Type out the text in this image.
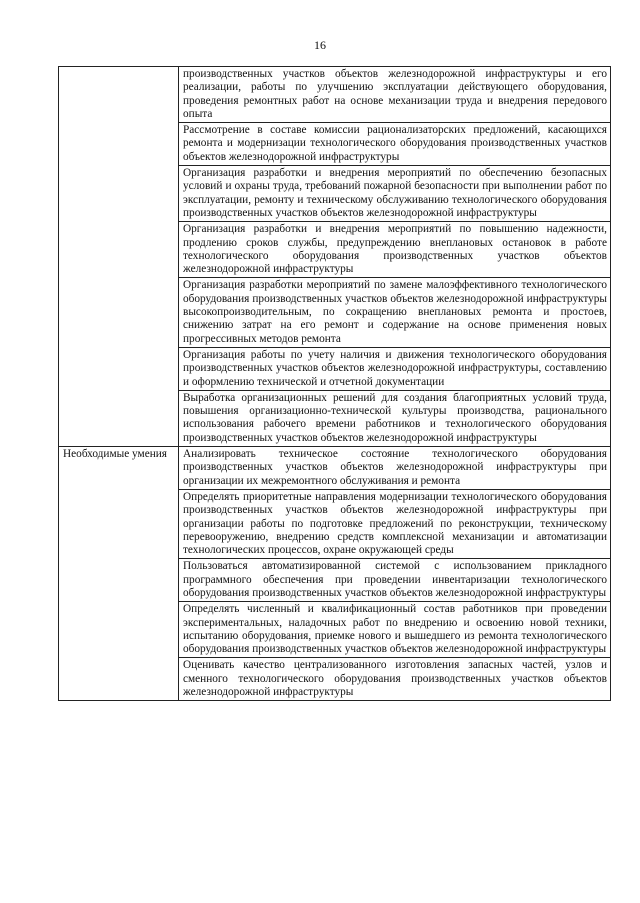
16
	производственных участков объектов железнодорожной инфраструктуры и его реализации, работы по улучшению эксплуатации действующего оборудования, проведения ремонтных работ на основе механизации труда и внедрения передового опыта
	Рассмотрение в составе комиссии рационализаторских предложений, касающихся ремонта и модернизации технологического оборудования производственных участков объектов железнодорожной инфраструктуры
	Организация разработки и внедрения мероприятий по обеспечению безопасных условий и охраны труда, требований пожарной безопасности при выполнении работ по эксплуатации, ремонту и техническому обслуживанию технологического оборудования производственных участков объектов железнодорожной инфраструктуры
	Организация разработки и внедрения мероприятий по повышению надежности, продлению сроков службы, предупреждению внеплановых остановок в работе технологического оборудования производственных участков объектов железнодорожной инфраструктуры
	Организация разработки мероприятий по замене малоэффективного технологического оборудования производственных участков объектов железнодорожной инфраструктуры высокопроизводительным, по сокращению внеплановых ремонта и простоев, снижению затрат на его ремонт и содержание на основе применения новых прогрессивных методов ремонта
	Организация работы по учету наличия и движения технологического оборудования производственных участков объектов железнодорожной инфраструктуры, составлению и оформлению технической и отчетной документации
	Выработка организационных решений для создания благоприятных условий труда, повышения организационно-технической культуры производства, рационального использования рабочего времени работников и технологического оборудования производственных участков объектов железнодорожной инфраструктуры
Необходимые умения	Анализировать техническое состояние технологического оборудования производственных участков объектов железнодорожной инфраструктуры при организации их межремонтного обслуживания и ремонта
	Определять приоритетные направления модернизации технологического оборудования производственных участков объектов железнодорожной инфраструктуры при организации работы по подготовке предложений по реконструкции, техническому перевооружению, внедрению средств комплексной механизации и автоматизации технологических процессов, охране окружающей среды
	Пользоваться автоматизированной системой с использованием прикладного программного обеспечения при проведении инвентаризации технологического оборудования производственных участков объектов железнодорожной инфраструктуры
	Определять численный и квалификационный состав работников при проведении экспериментальных, наладочных работ по внедрению и освоению новой техники, испытанию оборудования, приемке нового и вышедшего из ремонта технологического оборудования производственных участков объектов железнодорожной инфраструктуры
	Оценивать качество централизованного изготовления запасных частей, узлов и сменного технологического оборудования производственных участков объектов железнодорожной инфраструктуры
